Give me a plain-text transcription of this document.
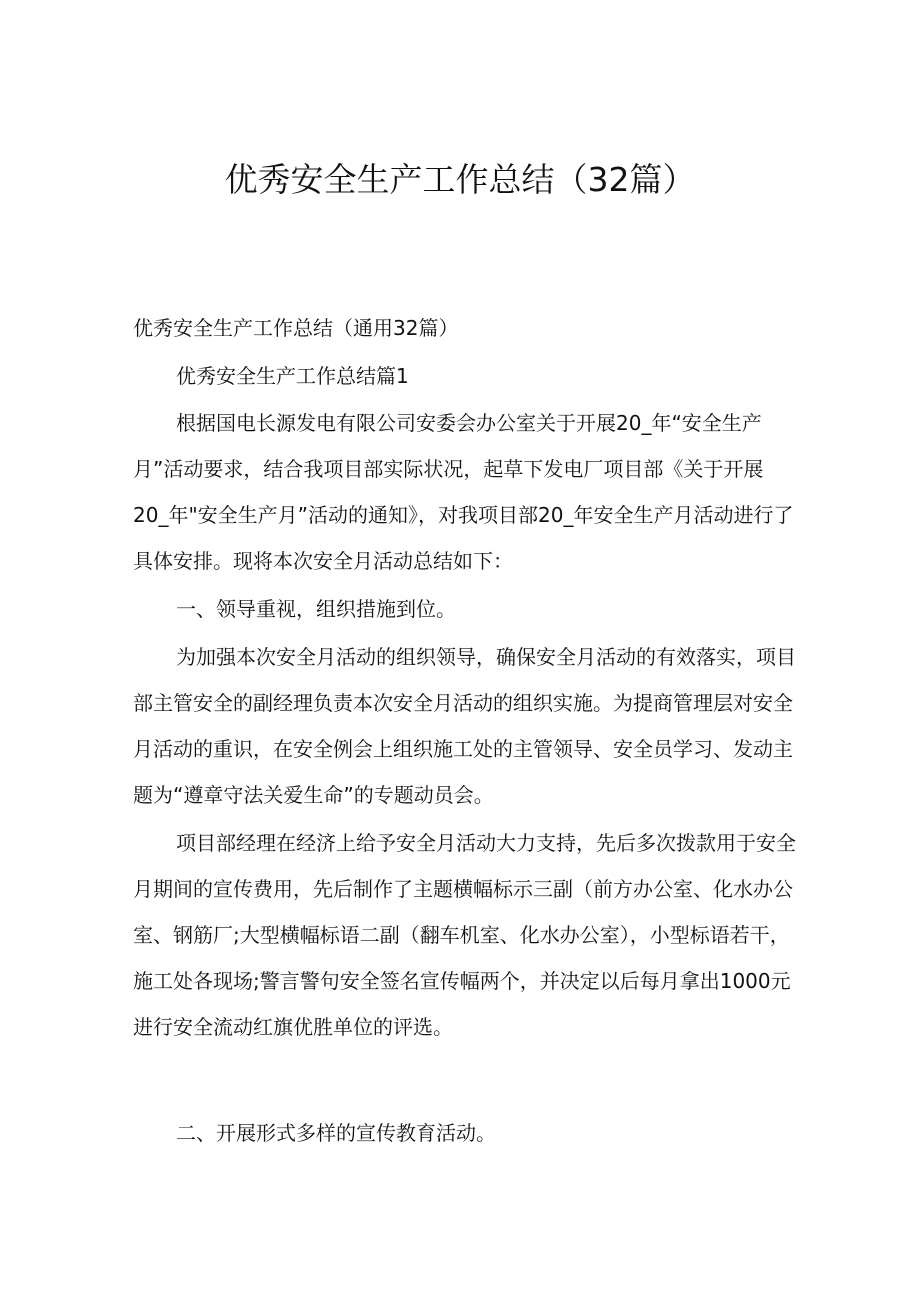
优秀安全生产工作总结（32篇）

优秀安全生产工作总结（通用32篇）

优秀安全生产工作总结篇1

根据国电长源发电有限公司安委会办公室关于开展20_年“安全生产月”活动要求，结合我项目部实际状况，起草下发电厂项目部《关于开展20_年"安全生产月”活动的通知》，对我项目部20_年安全生产月活动进行了具体安排。现将本次安全月活动总结如下：

一、领导重视，组织措施到位。

为加强本次安全月活动的组织领导，确保安全月活动的有效落实，项目部主管安全的副经理负责本次安全月活动的组织实施。为提商管理层对安全月活动的重识，在安全例会上组织施工处的主管领导、安全员学习、发动主题为“遵章守法关爱生命”的专题动员会。

项目部经理在经济上给予安全月活动大力支持，先后多次拨款用于安全月期间的宣传费用，先后制作了主题横幅标示三副（前方办公室、化水办公室、钢筋厂;大型横幅标语二副（翻车机室、化水办公室），小型标语若干，施工处各现场;警言警句安全签名宣传幅两个，并决定以后每月拿出1000元进行安全流动红旗优胜单位的评选。

二、开展形式多样的宣传教育活动。
